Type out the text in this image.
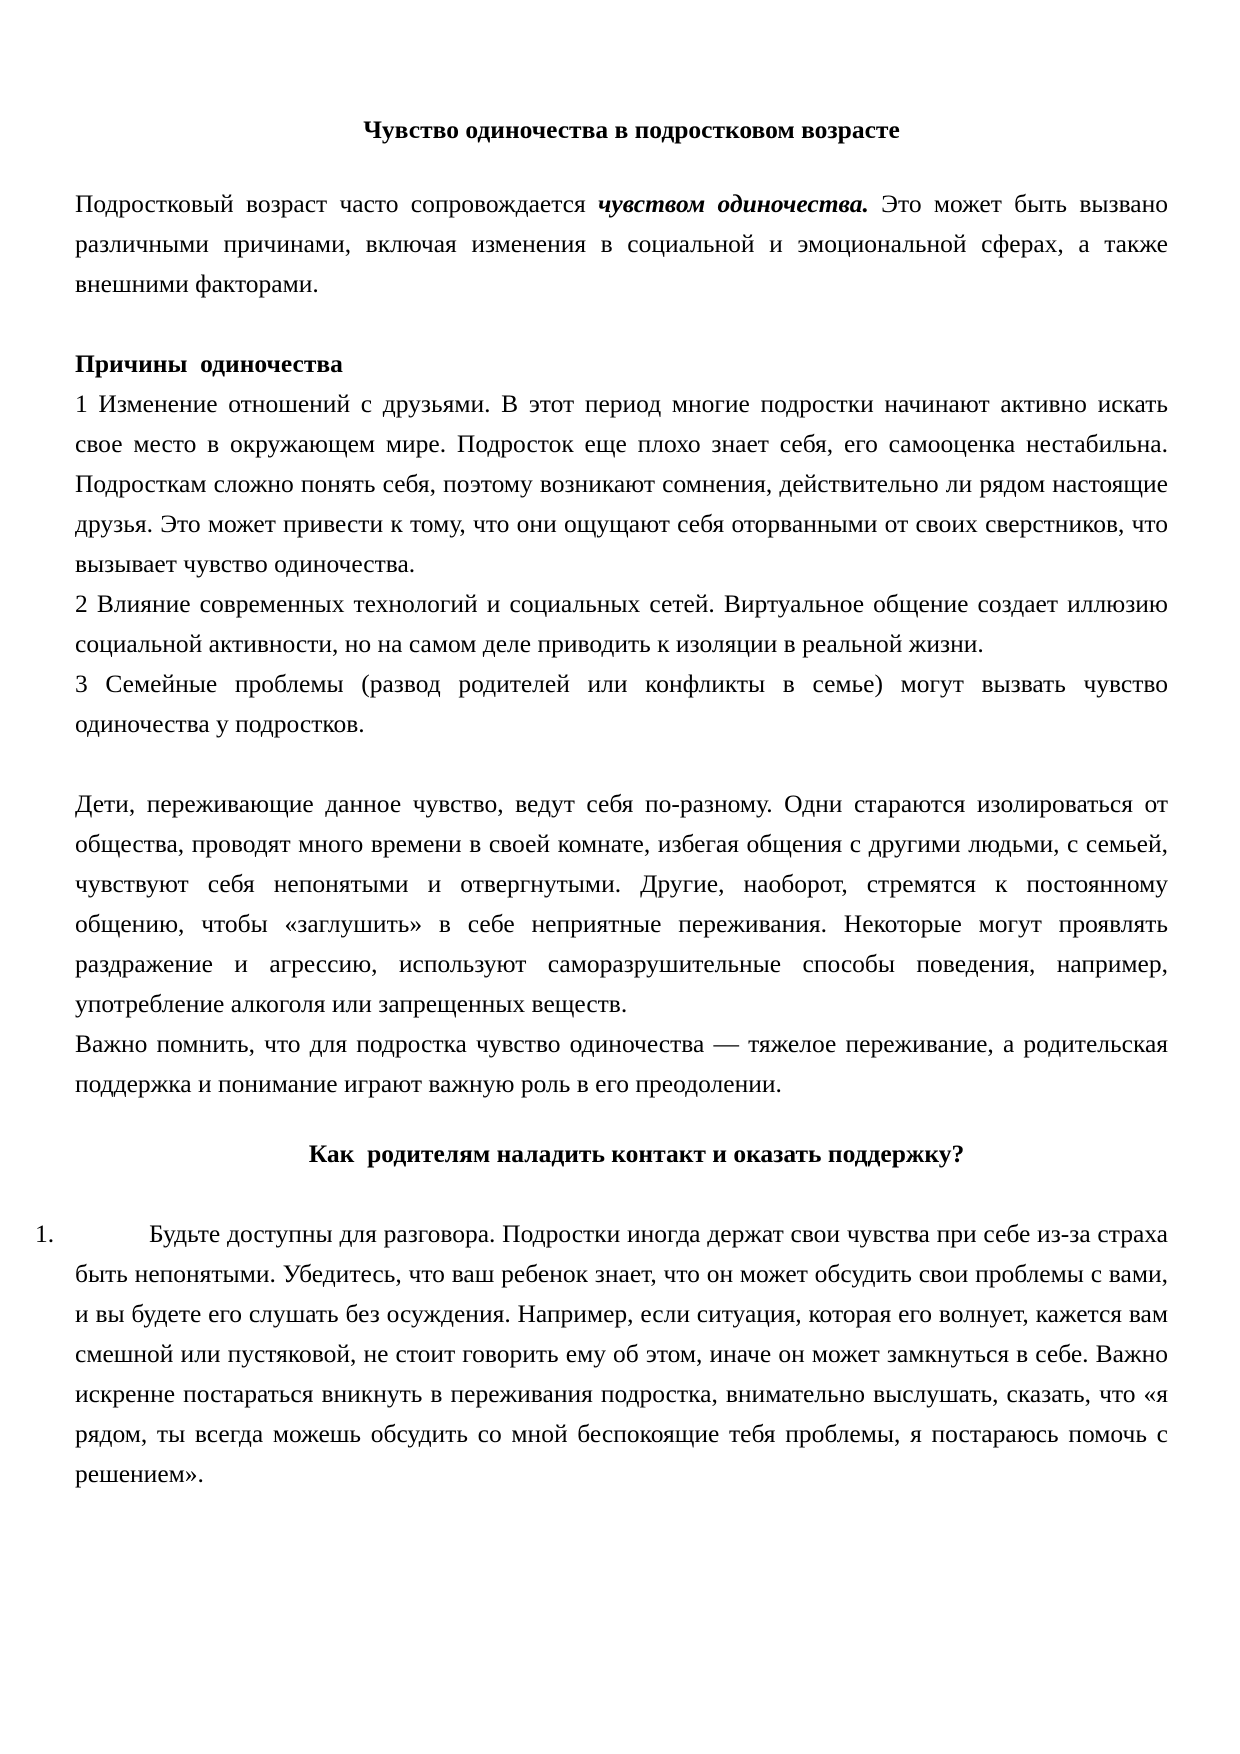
Чувство одиночества в подростковом возрасте

Подростковый возраст часто сопровождается чувством одиночества. Это может быть вызвано различными причинами, включая изменения в социальной и эмоциональной сферах, а также внешними факторами.

Причины  одиночества

1 Изменение отношений с друзьями. В этот период многие подростки начинают активно искать свое место в окружающем мире. Подросток еще плохо знает себя, его самооценка нестабильна. Подросткам сложно понять себя, поэтому возникают сомнения, действительно ли рядом настоящие друзья. Это может привести к тому, что они ощущают себя оторванными от своих сверстников, что вызывает чувство одиночества.

2 Влияние современных технологий и социальных сетей. Виртуальное общение создает иллюзию социальной активности, но на самом деле приводить к изоляции в реальной жизни.

3 Семейные проблемы (развод родителей или конфликты в семье) могут вызвать чувство одиночества у подростков.

Дети, переживающие данное чувство, ведут себя по-разному. Одни стараются изолироваться от общества, проводят много времени в своей комнате, избегая общения с другими людьми, с семьей, чувствуют себя непонятыми и отвергнутыми. Другие, наоборот, стремятся к постоянному общению, чтобы «заглушить» в себе неприятные переживания. Некоторые могут проявлять раздражение и агрессию, используют саморазрушительные способы поведения, например, употребление алкоголя или запрещенных веществ.

Важно помнить, что для подростка чувство одиночества — тяжелое переживание, а родительская поддержка и понимание играют важную роль в его преодолении.

Как  родителям наладить контакт и оказать поддержку?
1.	Будьте доступны для разговора. Подростки иногда держат свои чувства при себе из-за страха быть непонятыми. Убедитесь, что ваш ребенок знает, что он может обсудить свои проблемы с вами, и вы будете его слушать без осуждения. Например, если ситуация, которая его волнует, кажется вам смешной или пустяковой, не стоит говорить ему об этом, иначе он может замкнуться в себе. Важно искренне постараться вникнуть в переживания подростка, внимательно выслушать, сказать, что «я рядом, ты всегда можешь обсудить со мной беспокоящие тебя проблемы, я постараюсь помочь с решением».
